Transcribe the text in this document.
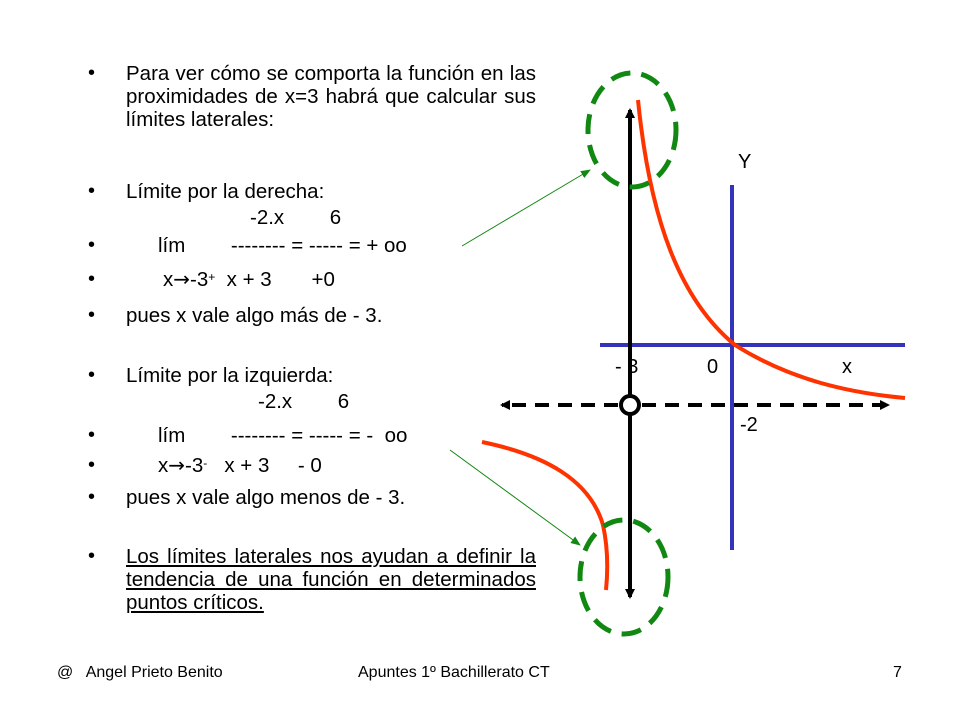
• Para ver cómo se comporta la función en las proximidades de x=3 habrá que calcular sus límites laterales:
• Límite por la derecha:
-2.x        6
•	lím        -------- = ----- = + oo
•	x→-3+  x + 3       +0
• pues x vale algo más de - 3.
• Límite por la izquierda:
-2.x        6
•	lím        -------- = ----- = -  oo
•	x→-3-   x + 3     - 0
• pues x vale algo menos de - 3.
• Los límites laterales nos ayudan a definir la tendencia de una función en determinados puntos críticos.
Y
- 3	0	x
-2
@   Angel Prieto Benito	Apuntes 1º Bachillerato CT	7
